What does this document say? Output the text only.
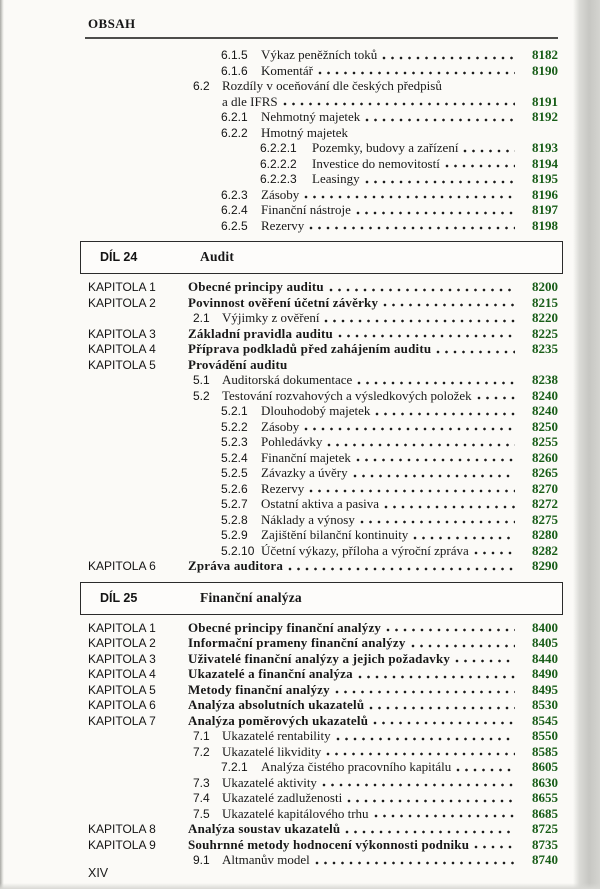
OBSAH
6.1.5	Výkaz peněžních toků	8182
6.1.6	Komentář	8190
6.2 Rozdíly v oceňování dle českých předpisů
a dle IFRS	8191
6.2.1	Nehmotný majetek	8192
6.2.2	Hmotný majetek
6.2.2.1	Pozemky, budovy a zařízení	8193
6.2.2.2	Investice do nemovitostí	8194
6.2.2.3	Leasingy	8195
6.2.3	Zásoby	8196
6.2.4	Finanční nástroje	8197
6.2.5	Rezervy	8198
DÍL 24	Audit
KAPITOLA 1	Obecné principy auditu	8200
KAPITOLA 2	Povinnost ověření účetní závěrky	8215
2.1 Výjimky z ověření	8220
KAPITOLA 3	Základní pravidla auditu	8225
KAPITOLA 4	Příprava podkladů před zahájením auditu	8235
KAPITOLA 5	Provádění auditu
5.1 Auditorská dokumentace	8238
5.2 Testování rozvahových a výsledkových položek	8240
5.2.1	Dlouhodobý majetek	8240
5.2.2	Zásoby	8250
5.2.3	Pohledávky	8255
5.2.4	Finanční majetek	8260
5.2.5	Závazky a úvěry	8265
5.2.6	Rezervy	8270
5.2.7	Ostatní aktiva a pasiva	8272
5.2.8	Náklady a výnosy	8275
5.2.9	Zajištění bilanční kontinuity	8280
5.2.10 Účetní výkazy, příloha a výroční zpráva	8282
KAPITOLA 6	Zpráva auditora	8290
DÍL 25	Finanční analýza
KAPITOLA 1	Obecné principy finanční analýzy	8400
KAPITOLA 2	Informační prameny finanční analýzy	8405
KAPITOLA 3	Uživatelé finanční analýzy a jejich požadavky	8440
KAPITOLA 4	Ukazatelé a finanční analýza	8490
KAPITOLA 5	Metody finanční analýzy	8495
KAPITOLA 6	Analýza absolutních ukazatelů	8530
KAPITOLA 7	Analýza poměrových ukazatelů	8545
7.1 Ukazatelé rentability	8550
7.2 Ukazatelé likvidity	8585
7.2.1	Analýza čistého pracovního kapitálu	8605
7.3 Ukazatelé aktivity	8630
7.4 Ukazatelé zadluženosti	8655
7.5 Ukazatelé kapitálového trhu	8685
KAPITOLA 8	Analýza soustav ukazatelů	8725
KAPITOLA 9	Souhrnné metody hodnocení výkonnosti podniku	8735
9.1 Altmanův model	8740
XIV
